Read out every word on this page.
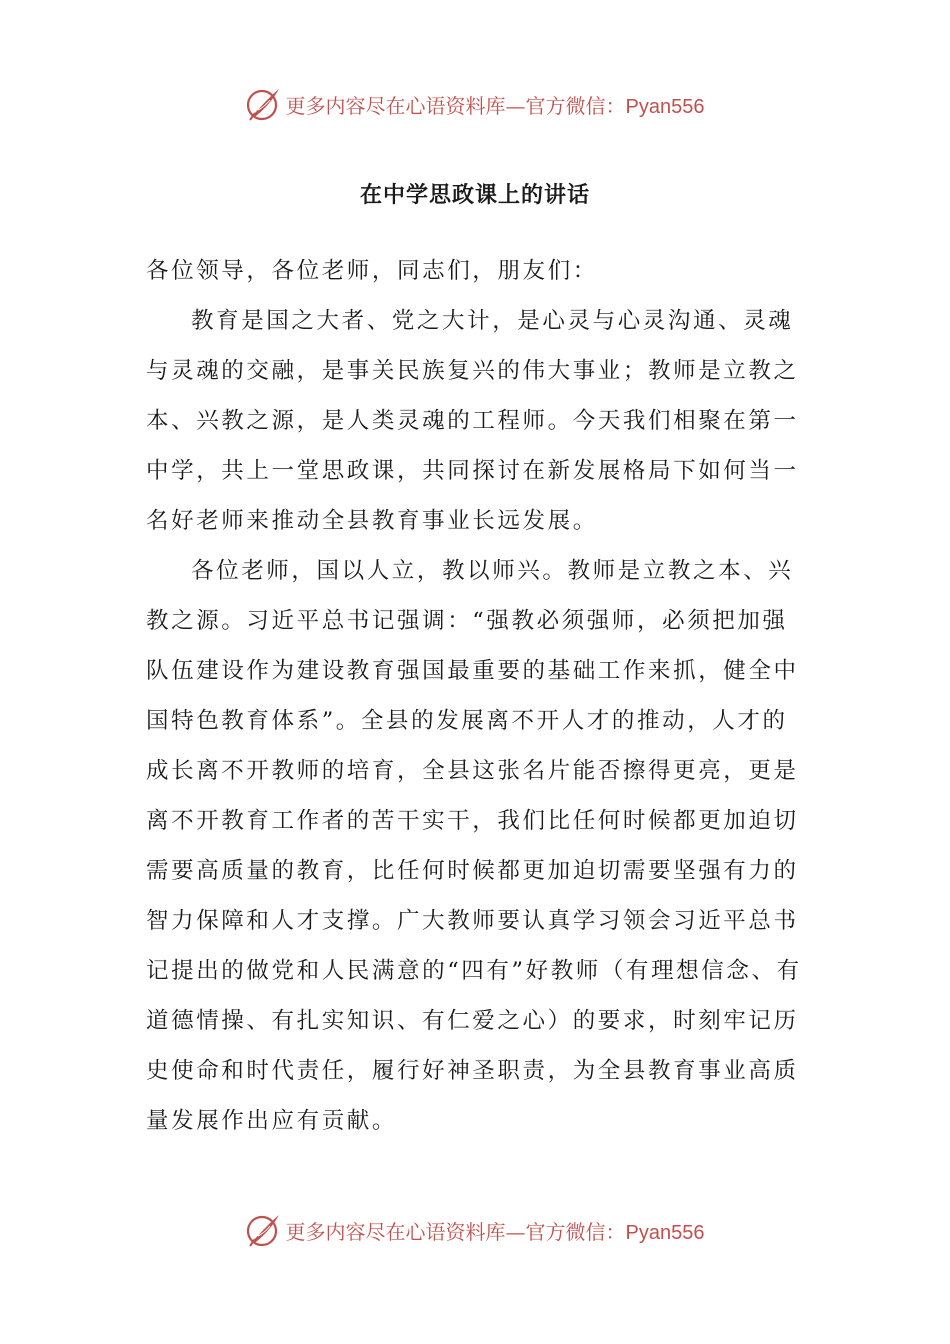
更多内容尽在心语资料库—官方微信：Pyan556
在中学思政课上的讲话

各位领导，各位老师，同志们，朋友们：

教育是国之大者、党之大计，是心灵与心灵沟通、灵魂与灵魂的交融，是事关民族复兴的伟大事业；教师是立教之本、兴教之源，是人类灵魂的工程师。今天我们相聚在第一中学，共上一堂思政课，共同探讨在新发展格局下如何当一名好老师来推动全县教育事业长远发展。

各位老师，国以人立，教以师兴。教师是立教之本、兴教之源。习近平总书记强调：“强教必须强师，必须把加强队伍建设作为建设教育强国最重要的基础工作来抓，健全中国特色教育体系”。全县的发展离不开人才的推动，人才的成长离不开教师的培育，全县这张名片能否擦得更亮，更是离不开教育工作者的苦干实干，我们比任何时候都更加迫切需要高质量的教育，比任何时候都更加迫切需要坚强有力的智力保障和人才支撑。广大教师要认真学习领会习近平总书记提出的做党和人民满意的“四有”好教师（有理想信念、有道德情操、有扎实知识、有仁爱之心）的要求，时刻牢记历史使命和时代责任，履行好神圣职责，为全县教育事业高质量发展作出应有贡献。

更多内容尽在心语资料库—官方微信：Pyan556
